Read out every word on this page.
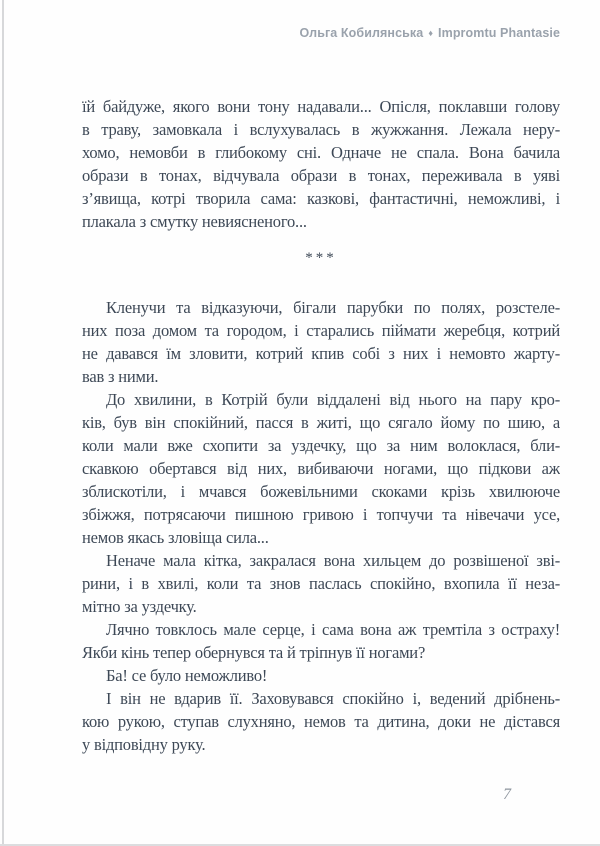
Ольга Кобилянська ♦ Impromtu Phantasie
їй байдуже, якого вони тону надавали... Опісля, поклавши голову
в траву, замовкала і вслухувалась в жужжання. Лежала неру-
хомо, немовби в глибокому сні. Одначе не спала. Вона бачила
образи в тонах, відчувала образи в тонах, переживала в уяві
з’явища, котрі творила сама: казкові, фантастичні, неможливі, і
плакала з смутку невиясненого...
***
Кленучи та відказуючи, бігали парубки по полях, розстеле-
них поза домом та городом, і старались піймати жеребця, котрий
не давався їм зловити, котрий кпив собі з них і немовто жарту-
вав з ними.
До хвилини, в Котрій були віддалені від нього на пару кро-
ків, був він спокійний, пасся в житі, що сягало йому по шию, а
коли мали вже схопити за уздечку, що за ним волоклася, бли-
скавкою обертався від них, вибиваючи ногами, що підкови аж
зблискотіли, і мчався божевільними скоками крізь хвилююче
збіжжя, потрясаючи пишною гривою і топчучи та нівечачи усе,
немов якась зловіща сила...
Неначе мала кітка, закралася вона хильцем до розвішеної зві-
рини, і в хвилі, коли та знов паслась спокійно, вхопила її неза-
мітно за уздечку.
Лячно товклось мале серце, і сама вона аж тремтіла з остраху!
Якби кінь тепер обернувся та й тріпнув її ногами?
Ба! се було неможливо!
І він не вдарив її. Заховувався спокійно і, ведений дрібнень-
кою рукою, ступав слухняно, немов та дитина, доки не дістався
у відповідну руку.
7
